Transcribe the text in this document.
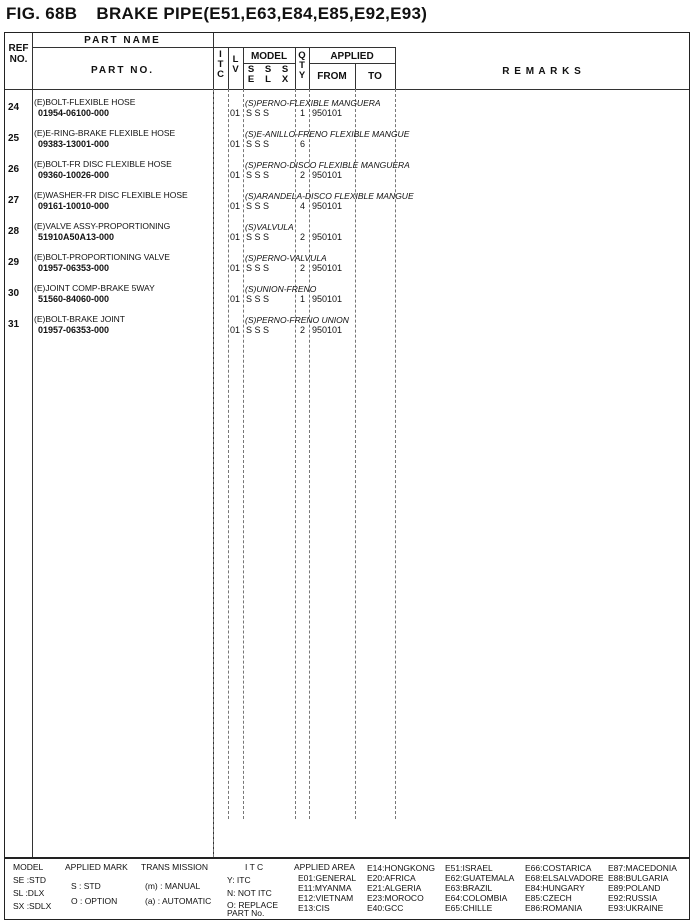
FIG. 68B BRAKE PIPE(E51,E63,E84,E85,E92,E93)
REF
NO.
PART NAME
PART NO.
I
T
C
L
V
MODEL
S
E
S
L
S
X
Q
T
Y
APPLIED
FROM	TO	R E M A R K S
24 (E)BOLT-FLEXIBLE HOSE
01954-06100-000	01 S S S	1 950101
(S)PERNO-FLEXIBLE MANGUERA
25 (E)E-RING-BRAKE FLEXIBLE HOSE
09383-13001-000	01 S S S	6
(S)E-ANILLO-FRENO FLEXIBLE MANGUE
26 (E)BOLT-FR DISC FLEXIBLE HOSE
09360-10026-000	01 S S S	2 950101
(S)PERNO-DISCO FLEXIBLE MANGUERA
27 (E)WASHER-FR DISC FLEXIBLE HOSE
09161-10010-000	01 S S S	4 950101
(S)ARANDELA-DISCO FLEXIBLE MANGUE
28 (E)VALVE ASSY-PROPORTIONING
51910A50A13-000	01 S S S	2 950101
(S)VALVULA
29 (E)BOLT-PROPORTIONING VALVE
01957-06353-000	01 S S S	2 950101
(S)PERNO-VALVULA
30 (E)JOINT COMP-BRAKE 5WAY
51560-84060-000	01 S S S	1 950101
(S)UNION-FRENO
31 (E)BOLT-BRAKE JOINT
01957-06353-000	01 S S S	2 950101
(S)PERNO-FRENO UNION
MODEL
SE :STD
SL :DLX
SX :SDLX
APPLIED MARK
S : STD
O : OPTION
TRANS MISSION
(m) : MANUAL
(a) : AUTOMATIC
I T C
Y: ITC
N: NOT ITC
O: REPLACE PART No.
APPLIED AREA
E01:GENERAL
E11:MYANMA
E12:VIETNAM
E13:CIS
E14:HONGKONG
E20:AFRICA
E21:ALGERIA
E23:MOROCO
E40:GCC
E51:ISRAEL
E62:GUATEMALA
E63:BRAZIL
E64:COLOMBIA
E65:CHILLE
E66:COSTARICA
E68:ELSALVADORE
E84:HUNGARY
E85:CZECH
E86:ROMANIA
E87:MACEDONIA
E88:BULGARIA
E89:POLAND
E92:RUSSIA
E93:UKRAINE
